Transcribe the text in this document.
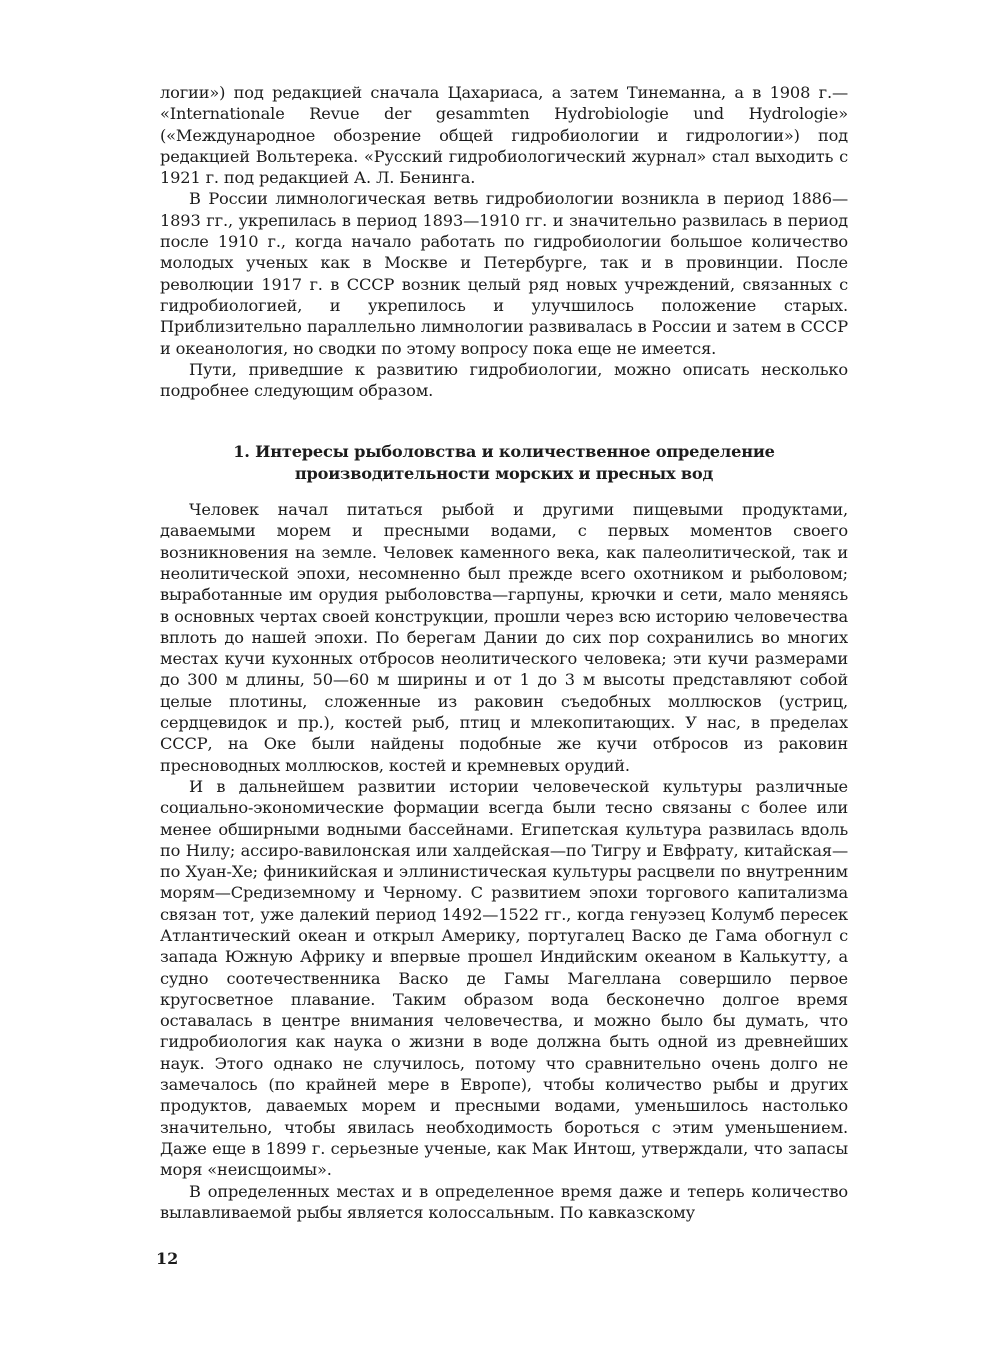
логии») под редакцией сначала Цахариаса, а затем Тинеманна, а в 1908 г.— «Internationale Revue der gesammten Hydrobiologie und Hydrologie» («Международное обозрение общей гидробиологии и гидрологии») под редакцией Вольтерека. «Русский гидробиологический журнал» стал выходить с 1921 г. под редакцией А. Л. Бенинга.

В России лимнологическая ветвь гидробиологии возникла в период 1886—1893 гг., укрепилась в период 1893—1910 гг. и значительно развилась в период после 1910 г., когда начало работать по гидробиологии большое количество молодых ученых как в Москве и Петербурге, так и в провинции. После революции 1917 г. в СССР возник целый ряд новых учреждений, связанных с гидробиологией, и укрепилось и улучшилось положение старых. Приблизительно параллельно лимнологии развивалась в России и затем в СССР и океанология, но сводки по этому вопросу пока еще не имеется.

Пути, приведшие к развитию гидробиологии, можно описать несколько подробнее следующим образом.

1. Интересы рыболовства и количественное определение производительности морских и пресных вод

Человек начал питаться рыбой и другими пищевыми продуктами, даваемыми морем и пресными водами, с первых моментов своего возникновения на земле. Человек каменного века, как палеолитической, так и неолитической эпохи, несомненно был прежде всего охотником и рыболовом; выработанные им орудия рыболовства—гарпуны, крючки и сети, мало меняясь в основных чертах своей конструкции, прошли через всю историю человечества вплоть до нашей эпохи. По берегам Дании до сих пор сохранились во многих местах кучи кухонных отбросов неолитического человека; эти кучи размерами до 300 м длины, 50—60 м ширины и от 1 до 3 м высоты представляют собой целые плотины, сложенные из раковин съедобных моллюсков (устриц, сердцевидок и пр.), костей рыб, птиц и млекопитающих. У нас, в пределах СССР, на Оке были найдены подобные же кучи отбросов из раковин пресноводных моллюсков, костей и кремневых орудий.

И в дальнейшем развитии истории человеческой культуры различные социально-экономические формации всегда были тесно связаны с более или менее обширными водными бассейнами. Египетская культура развилась вдоль по Нилу; ассиро-вавилонская или халдейская—по Тигру и Евфрату, китайская—по Хуан-Хе; финикийская и эллинистическая культуры расцвели по внутренним морям—Средиземному и Черному. С развитием эпохи торгового капитализма связан тот, уже далекий период 1492—1522 гг., когда генуэзец Колумб пересек Атлантический океан и открыл Америку, португалец Васко де Гама обогнул с запада Южную Африку и впервые прошел Индийским океаном в Калькутту, а судно соотечественника Васко де Гамы Магеллана совершило первое кругосветное плавание. Таким образом вода бесконечно долгое время оставалась в центре внимания человечества, и можно было бы думать, что гидробиология как наука о жизни в воде должна быть одной из древнейших наук. Этого однако не случилось, потому что сравнительно очень долго не замечалось (по крайней мере в Европе), чтобы количество рыбы и других продуктов, даваемых морем и пресными водами, уменьшилось настолько значительно, чтобы явилась необходимость бороться с этим уменьшением. Даже еще в 1899 г. серьезные ученые, как Мак Интош, утверждали, что запасы моря «неисщоимы».

В определенных местах и в определенное время даже и теперь количество вылавливаемой рыбы является колоссальным. По кавказскому

12
